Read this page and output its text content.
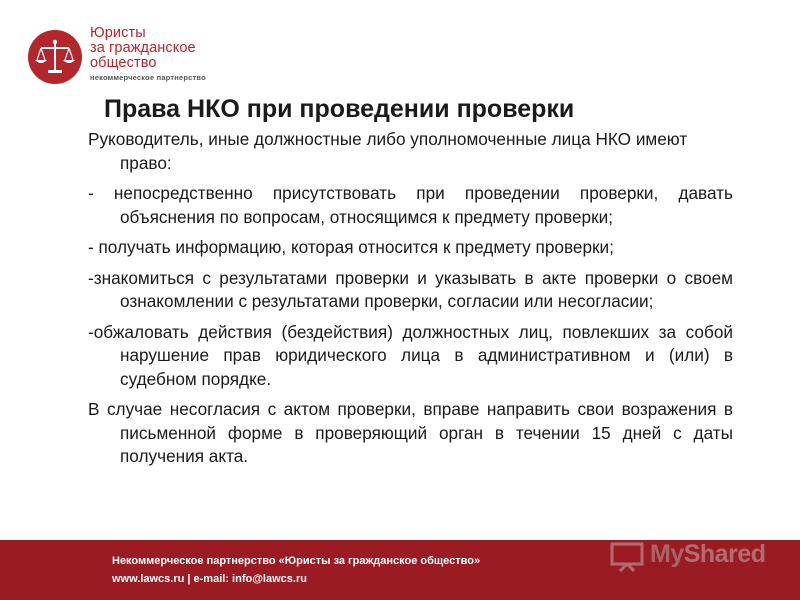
Юристы
за гражданское
общество
некоммерческое партнерство
Права НКО при проведении проверки

Руководитель, иные должностные либо уполномоченные лица НКО имеют право:

- непосредственно присутствовать при проведении проверки, давать объяснения по вопросам, относящимся к предмету проверки;

- получать информацию, которая относится к предмету проверки;

-знакомиться с результатами проверки и указывать в акте проверки о своем ознакомлении с результатами проверки, согласии или несогласии;

-обжаловать действия (бездействия) должностных лиц, повлекших за собой нарушение прав юридического лица в административном и (или) в судебном порядке.

В случае несогласия с актом проверки, вправе направить свои возражения в письменной форме в проверяющий орган в течении 15 дней с даты получения акта.

Некоммерческое партнерство «Юристы за гражданское общество»
www.lawcs.ru | e-mail: info@lawcs.ru
MyShared
